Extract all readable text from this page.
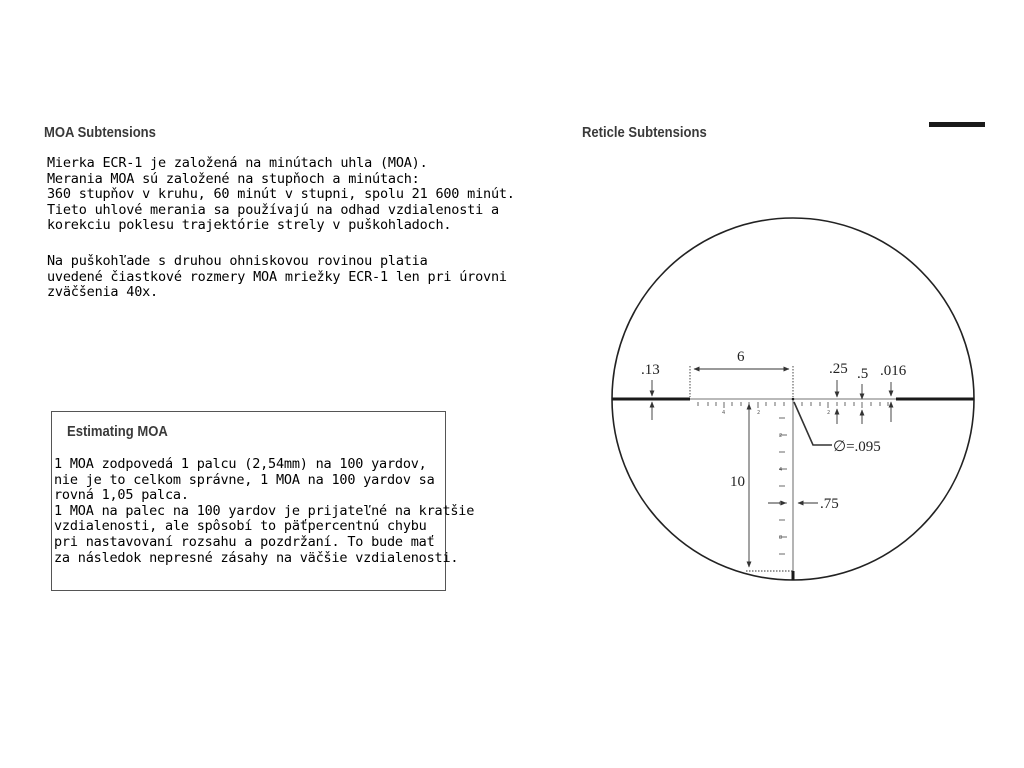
MOA Subtensions
Mierka ECR-1 je založená na minútach uhla (MOA).
Merania MOA sú založené na stupňoch a minútach:
360 stupňov v kruhu, 60 minút v stupni, spolu 21 600 minút.
Tieto uhlové merania sa používajú na odhad vzdialenosti a
korekciu poklesu trajektórie strely v puškohladoch.
Na puškohľade s druhou ohniskovou rovinou platia
uvedené čiastkové rozmery MOA mriežky ECR-1 len pri úrovni
zväčšenia 40x.
Estimating MOA
1 MOA zodpovedá 1 palcu (2,54mm) na 100 yardov,
nie je to celkom správne, 1 MOA na 100 yardov sa
rovná 1,05 palca.
1 MOA na palec na 100 yardov je prijateľné na kratšie
vzdialenosti, ale spôsobí to päťpercentnú chybu
pri nastavovaní rozsahu a pozdržaní. To bude mať
za následok nepresné zásahy na väčšie vzdialenosti.
Reticle Subtensions
4	2	2
2
4
6
8
.13
6
10
.25 .5 .016
∅=.095
.75
